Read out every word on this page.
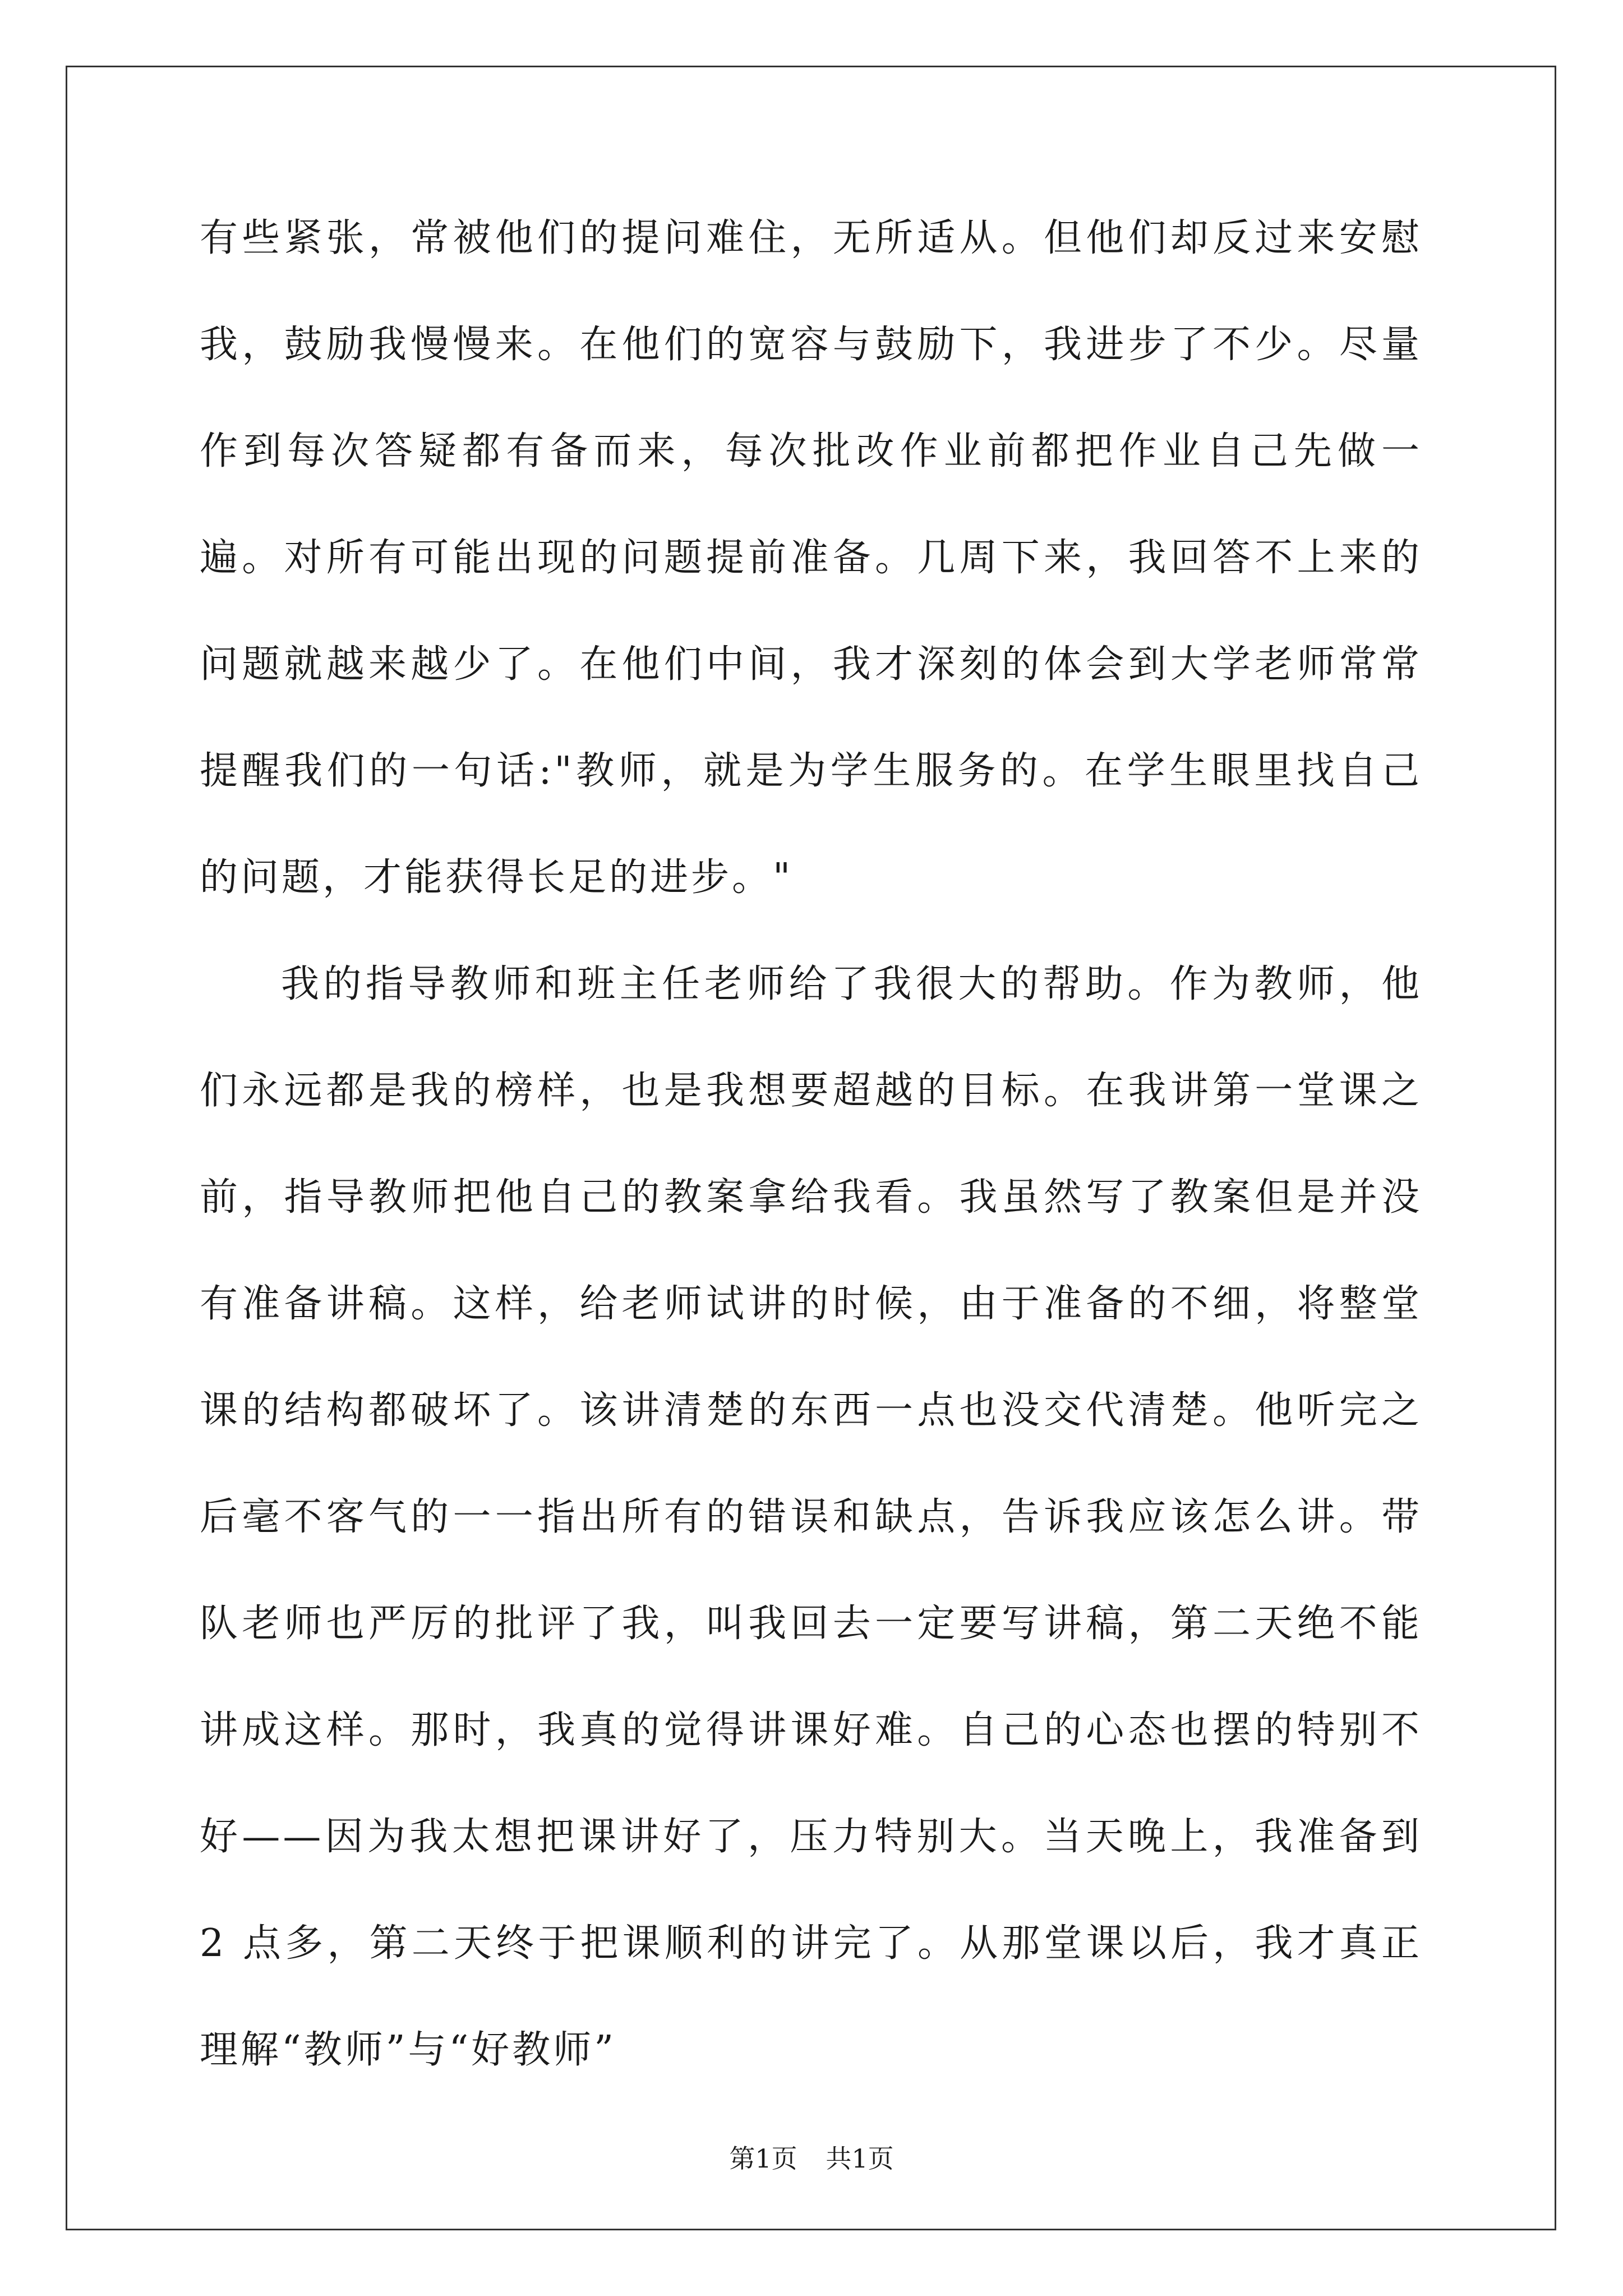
有些紧张，常被他们的提问难住，无所适从。但他们却反过来安慰我，鼓励我慢慢来。在他们的宽容与鼓励下，我进步了不少。尽量作到每次答疑都有备而来，每次批改作业前都把作业自己先做一遍。对所有可能出现的问题提前准备。几周下来，我回答不上来的问题就越来越少了。在他们中间，我才深刻的体会到大学老师常常提醒我们的一句话:"教师，就是为学生服务的。在学生眼里找自己的问题，才能获得长足的进步。"

我的指导教师和班主任老师给了我很大的帮助。作为教师，他们永远都是我的榜样，也是我想要超越的目标。在我讲第一堂课之前，指导教师把他自己的教案拿给我看。我虽然写了教案但是并没有准备讲稿。这样，给老师试讲的时候，由于准备的不细，将整堂课的结构都破坏了。该讲清楚的东西一点也没交代清楚。他听完之后毫不客气的一一指出所有的错误和缺点，告诉我应该怎么讲。带队老师也严厉的批评了我，叫我回去一定要写讲稿，第二天绝不能讲成这样。那时，我真的觉得讲课好难。自己的心态也摆的特别不好——因为我太想把课讲好了，压力特别大。当天晚上，我准备到 2 点多，第二天终于把课顺利的讲完了。从那堂课以后，我才真正理解“教师”与“好教师”

第1页 共1页
